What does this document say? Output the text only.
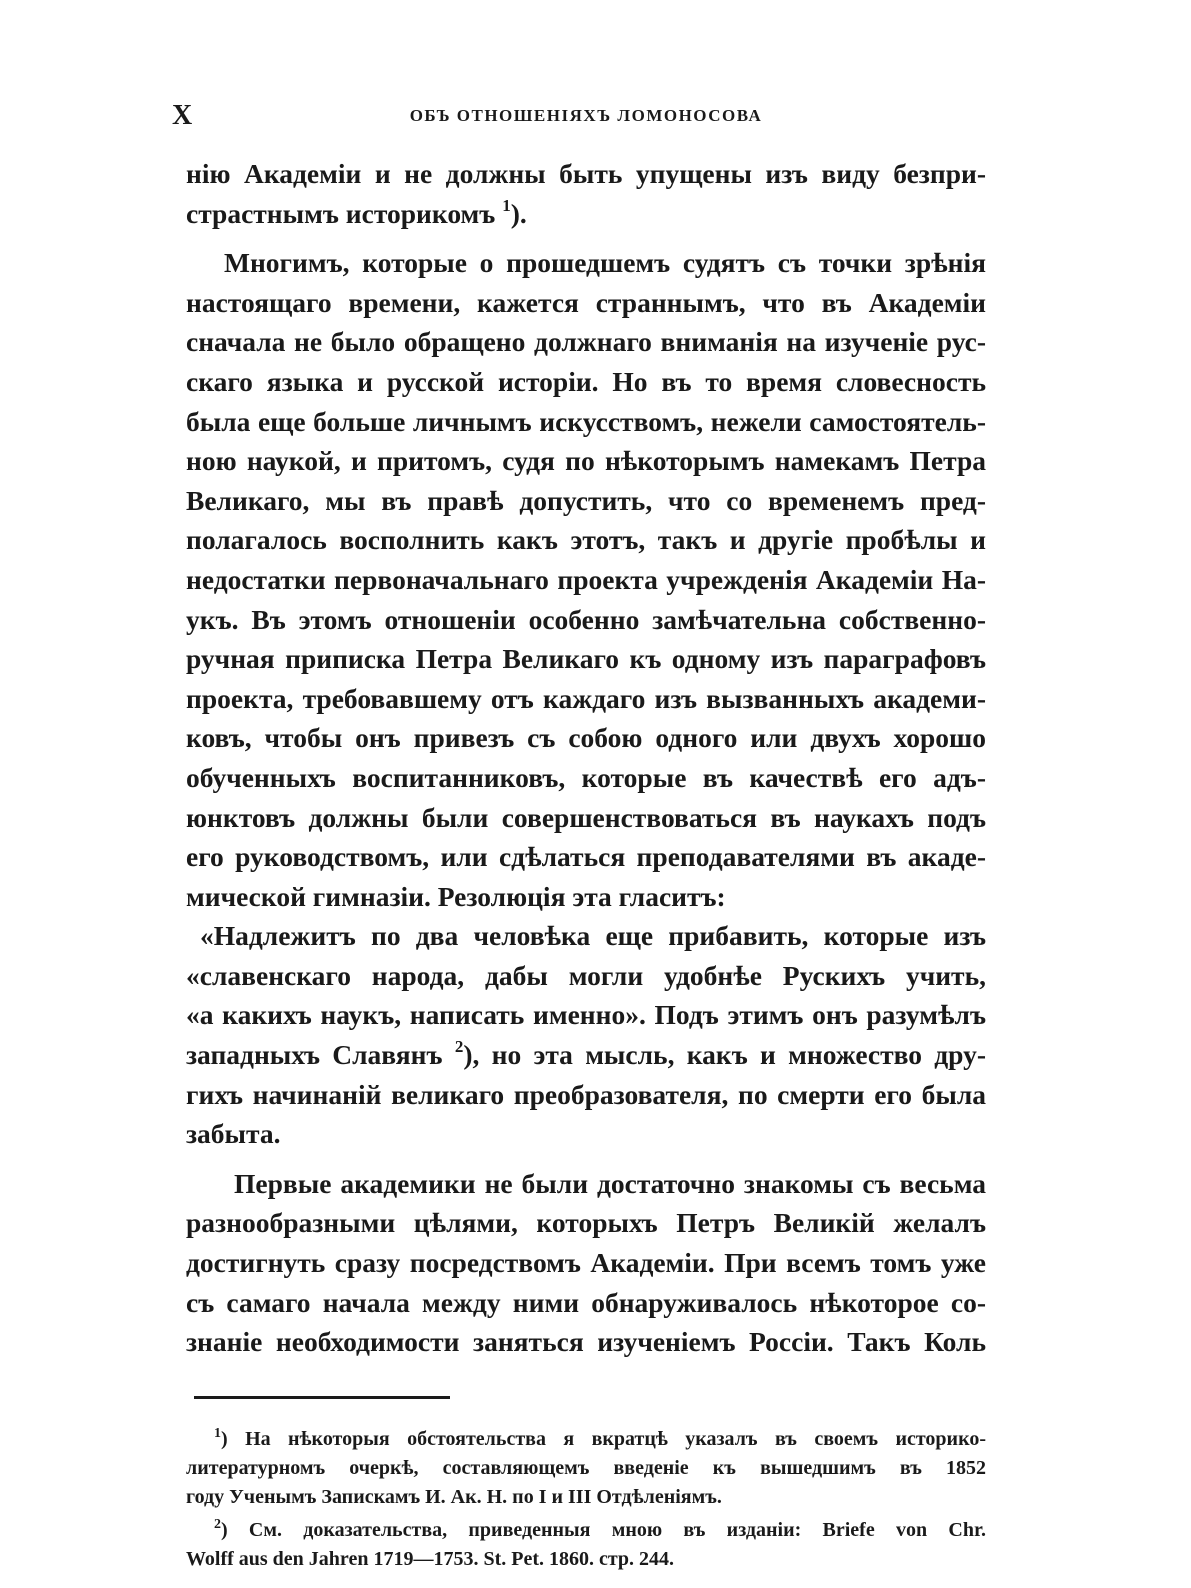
X	ОБЪ ОТНОШЕНІЯХЪ ЛОМОНОСОВА
нію Академіи и не должны быть упущены изъ виду безпри-
страстнымъ историкомъ $^1$).
Многимъ, которые о прошедшемъ судятъ съ точки зрѣнія
настоящаго времени, кажется страннымъ, что въ Академіи
сначала не было обращено должнаго вниманія на изученіе рус-
скаго языка и русской исторіи. Но въ то время словесность
была еще больше личнымъ искусствомъ, нежели самостоятель-
ною наукой, и притомъ, судя по нѣкоторымъ намекамъ Петра
Великаго, мы въ правѣ допустить, что со временемъ пред-
полагалось восполнить какъ этотъ, такъ и другіе пробѣлы и
недостатки первоначальнаго проекта учрежденія Академіи На-
укъ. Въ этомъ отношеніи особенно замѣчательна собственно-
ручная приписка Петра Великаго къ одному изъ параграфовъ
проекта, требовавшему отъ каждаго изъ вызванныхъ академи-
ковъ, чтобы онъ привезъ съ собою одного или двухъ хорошо
обученныхъ воспитанниковъ, которые въ качествѣ его адъ-
юнктовъ должны были совершенствоваться въ наукахъ подъ
его руководствомъ, или сдѣлаться преподавателями въ акаде-
мической гимназіи. Резолюція эта гласитъ:
«Надлежитъ по два человѣка еще прибавить, которые изъ
«славенскаго народа, дабы могли удобнѣе Рускихъ учить,
«а какихъ наукъ, написать именно». Подъ этимъ онъ разумѣлъ
западныхъ Славянъ $^2$), но эта мысль, какъ и множество дру-
гихъ начинаній великаго преобразователя, по смерти его была
забыта.
Первые академики не были достаточно знакомы съ весьма
разнообразными цѣлями, которыхъ Петръ Великій желалъ
достигнуть сразу посредствомъ Академіи. При всемъ томъ уже
съ самаго начала между ними обнаруживалось нѣкоторое со-
знаніе необходимости заняться изученіемъ Россіи. Такъ Коль
$^1$) На нѣкоторыя обстоятельства я вкратцѣ указалъ въ своемъ историко-
литературномъ очеркѣ, составляющемъ введеніе къ вышедшимъ въ 1852
году Ученымъ Запискамъ И. Ак. Н. по I и III Отдѣленіямъ.
$^2$) См. доказательства, приведенныя мною въ изданіи: Briefe von Chr.
Wolff aus den Jahren 1719—1753. St. Pet. 1860. стр. 244.
